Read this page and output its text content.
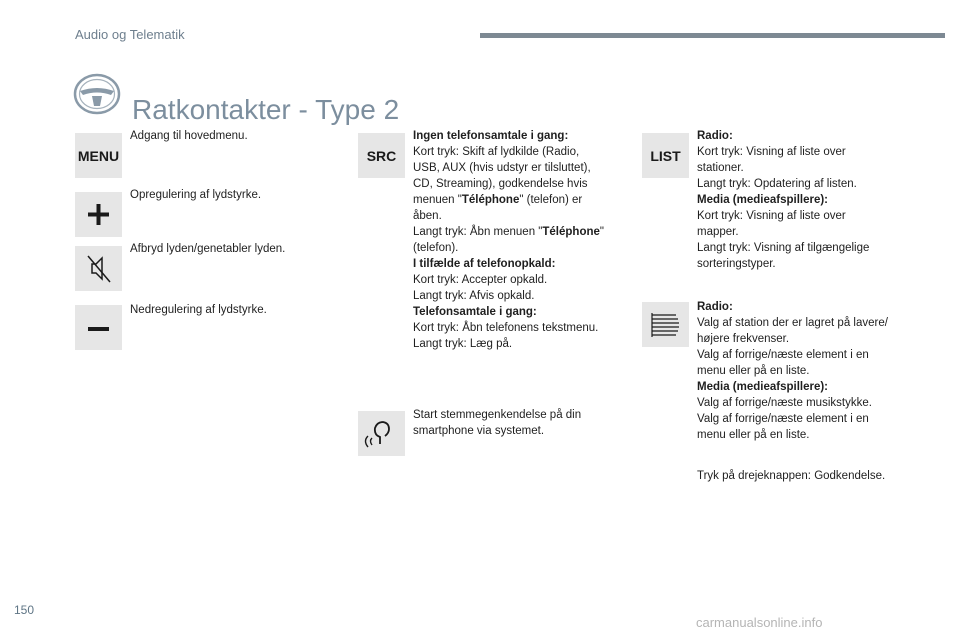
Audio og Telematik
Ratkontakter - Type 2
MENU
Adgang til hovedmenu.
Opregulering af lydstyrke.
Afbryd lyden/genetabler lyden.
Nedregulering af lydstyrke.
SRC
Ingen telefonsamtale i gang:
Kort tryk: Skift af lydkilde (Radio,
USB, AUX (hvis udstyr er tilsluttet),
CD, Streaming), godkendelse hvis
menuen "Téléphone" (telefon) er
åben.
Langt tryk: Åbn menuen "Téléphone"
(telefon).
I tilfælde af telefonopkald:
Kort tryk: Accepter opkald.
Langt tryk: Afvis opkald.
Telefonsamtale i gang:
Kort tryk: Åbn telefonens tekstmenu.
Langt tryk: Læg på.
Start stemmegenkendelse på din
smartphone via systemet.
LIST
Radio:
Kort tryk: Visning af liste over
stationer.
Langt tryk: Opdatering af listen.
Media (medieafspillere):
Kort tryk: Visning af liste over
mapper.
Langt tryk: Visning af tilgængelige
sorteringstyper.
Radio:
Valg af station der er lagret på lavere/
højere frekvenser.
Valg af forrige/næste element i en
menu eller på en liste.
Media (medieafspillere):
Valg af forrige/næste musikstykke.
Valg af forrige/næste element i en
menu eller på en liste.
Tryk på drejeknappen: Godkendelse.
150
carmanualsonline.info
